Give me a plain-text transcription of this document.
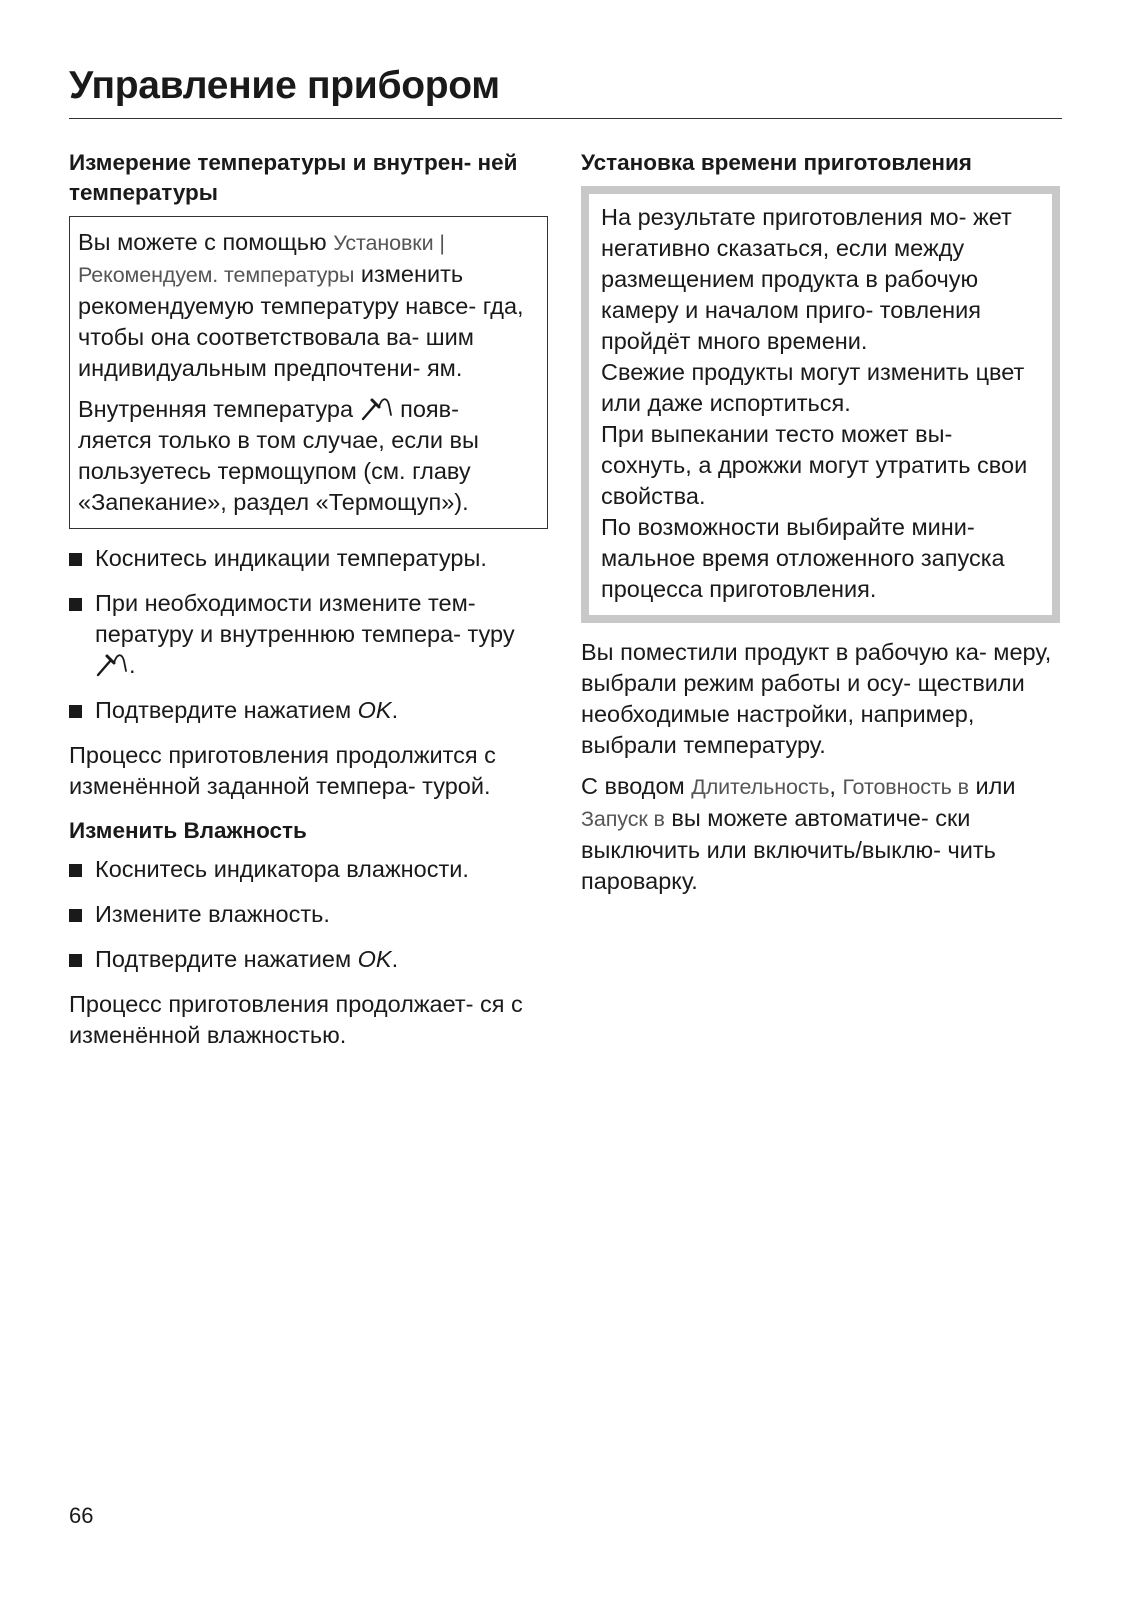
Управление прибором
Измерение температуры и внутрен- ней температуры

Вы можете с помощью Установки | Рекомендуем. температуры изменить рекомендуемую температуру навсе- гда, чтобы она соответствовала ва- шим индивидуальным предпочтени- ям.

Внутренняя температура  появ- ляется только в том случае, если вы пользуетесь термощупом (см. главу «Запекание», раздел «Термощуп»).

Коснитесь индикации температуры.
При необходимости измените тем- пературу и внутреннюю темпера- туру .
Подтвердите нажатием OK.

Процесс приготовления продолжится с изменённой заданной темпера- турой.

Изменить Влажность
Коснитесь индикатора влажности.
Измените влажность.
Подтвердите нажатием OK.

Процесс приготовления продолжает- ся с изменённой влажностью.

Установка времени приготовления

На результате приготовления мо- жет негативно сказаться, если между размещением продукта в рабочую камеру и началом приго- товления пройдёт много времени.

Свежие продукты могут изменить цвет или даже испортиться.

При выпекании тесто может вы- сохнуть, а дрожжи могут утратить свои свойства.

По возможности выбирайте мини- мальное время отложенного запуска процесса приготовления.

Вы поместили продукт в рабочую ка- меру, выбрали режим работы и осу- ществили необходимые настройки, например, выбрали температуру.

С вводом Длительность, Готовность в или Запуск в вы можете автоматиче- ски выключить или включить/выклю- чить пароварку.

66
